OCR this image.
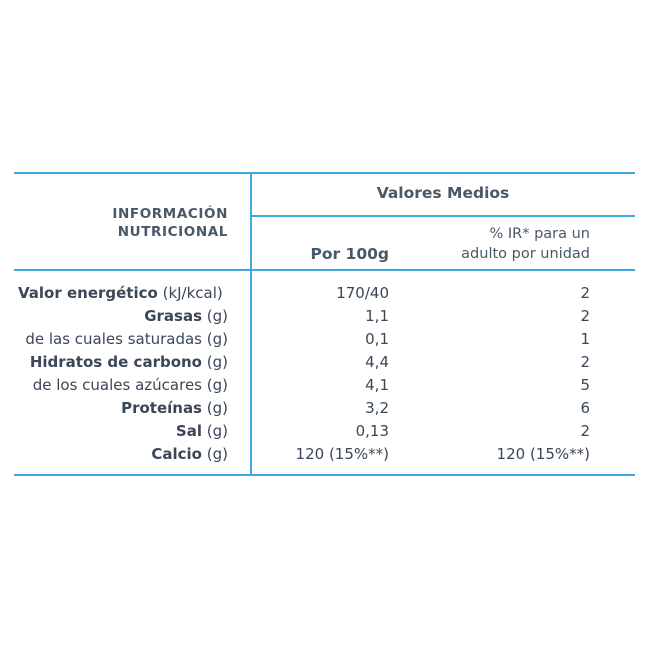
INFORMACIÓN
NUTRICIONAL
Valores Medios
Por 100g
% IR* para un
adulto por unidad
Valor energético (kJ/kcal)	170/40	2
Grasas (g)	1,1	2
de las cuales saturadas (g)	0,1	1
Hidratos de carbono (g)	4,4	2
de los cuales azúcares (g)	4,1	5
Proteínas (g)	3,2	6
Sal (g)	0,13	2
Calcio (g)	120 (15%**)	120 (15%**)
